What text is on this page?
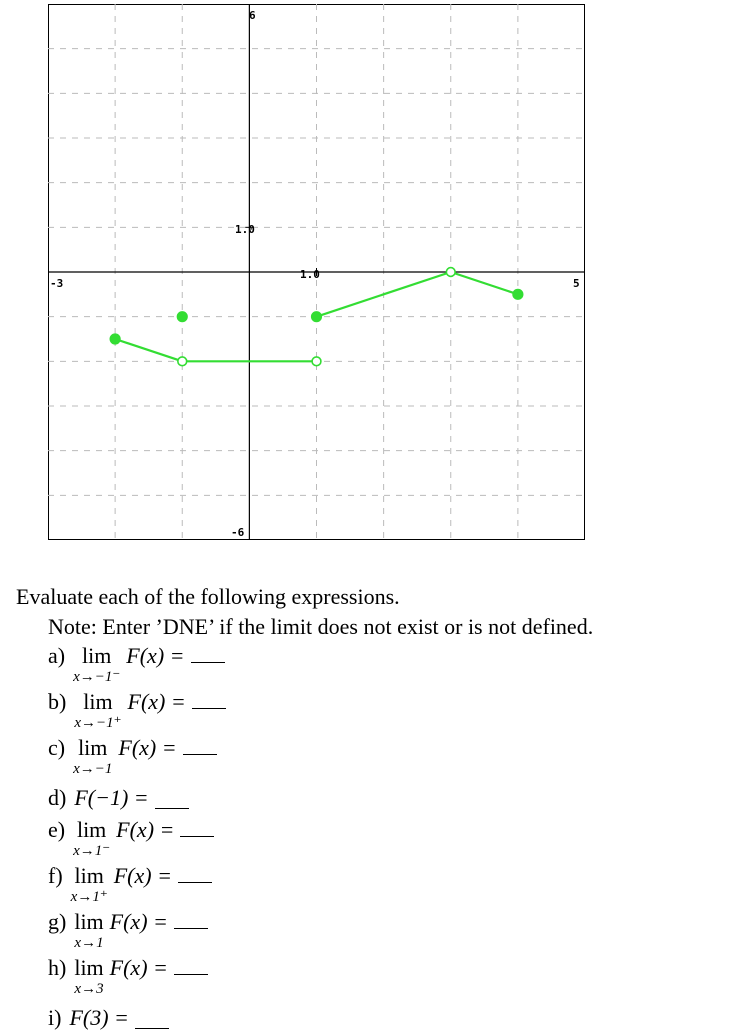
6
1.0
1.0
-3	5
-6

Evaluate each of the following expressions.

Note: Enter ’DNE’ if the limit does not exist or is not defined.

a) lim
x→−1⁻
F(x) =
b) lim
x→−1⁺
F(x) =
c) lim
x→−1
F(x) =
d) F(−1) =
e) lim
x→1⁻
F(x) =
f) lim
x→1⁺
F(x) =
g) lim
x→1
F(x) =
h) lim
x→3
F(x) =
i) F(3) =
